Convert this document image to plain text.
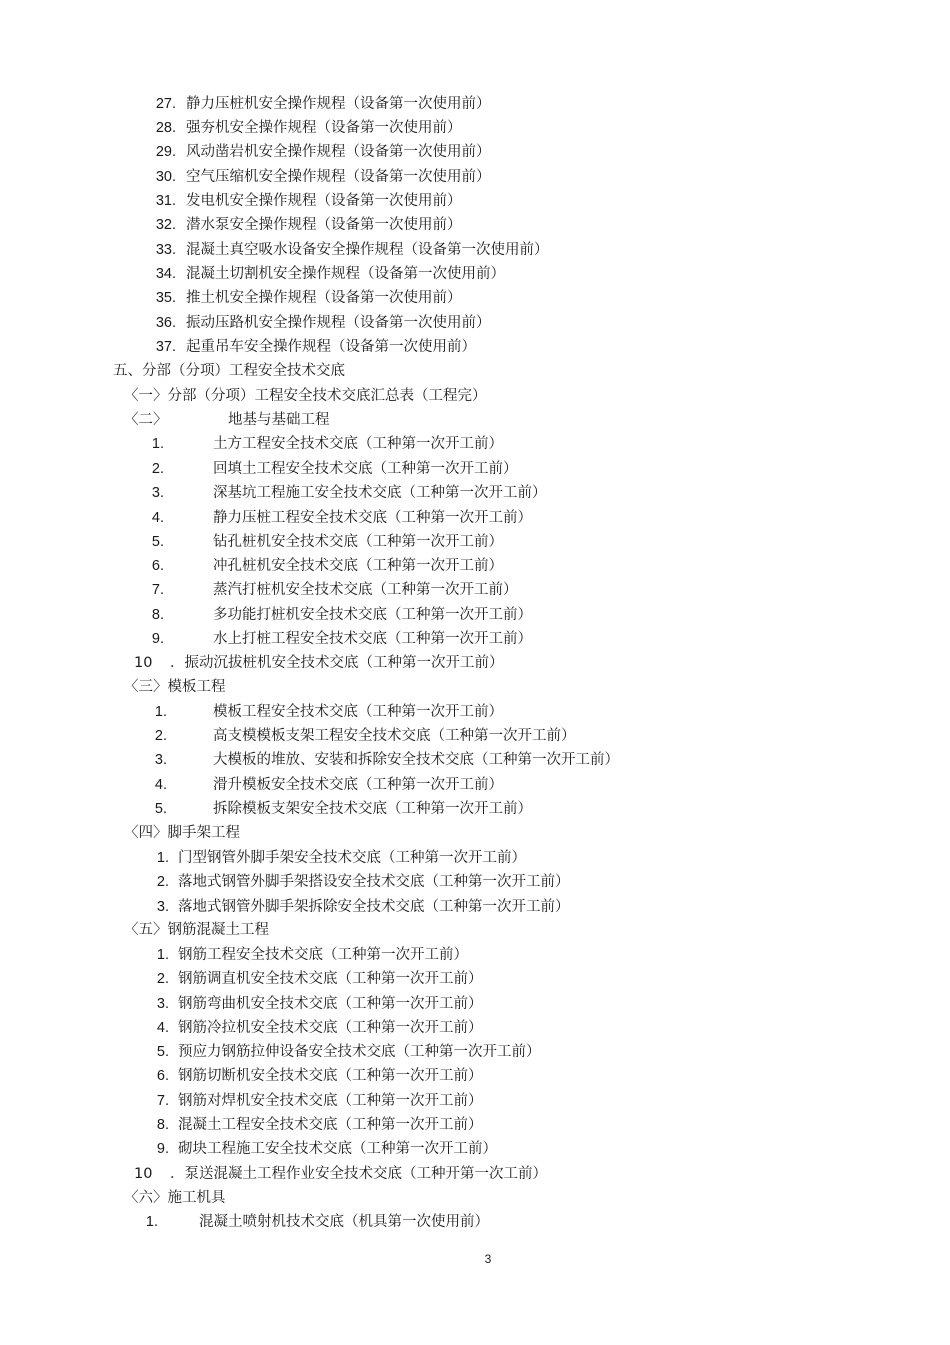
27. 静力压桩机安全操作规程（设备第一次使用前）
28. 强夯机安全操作规程（设备第一次使用前）
29. 风动凿岩机安全操作规程（设备第一次使用前）
30. 空气压缩机安全操作规程（设备第一次使用前）
31. 发电机安全操作规程（设备第一次使用前）
32. 潜水泵安全操作规程（设备第一次使用前）
33. 混凝土真空吸水设备安全操作规程（设备第一次使用前）
34. 混凝土切割机安全操作规程（设备第一次使用前）
35. 推土机安全操作规程（设备第一次使用前）
36. 振动压路机安全操作规程（设备第一次使用前）
37. 起重吊车安全操作规程（设备第一次使用前）
五、分部（分项）工程安全技术交底
〈一〉分部（分项）工程安全技术交底汇总表（工程完）
〈二〉	地基与基础工程
1.	土方工程安全技术交底（工种第一次开工前）
2.	回填土工程安全技术交底（工种第一次开工前）
3.	深基坑工程施工安全技术交底（工种第一次开工前）
4.	静力压桩工程安全技术交底（工种第一次开工前）
5.	钻孔桩机安全技术交底（工种第一次开工前）
6.	冲孔桩机安全技术交底（工种第一次开工前）
7.	蒸汽打桩机安全技术交底（工种第一次开工前）
8.	多功能打桩机安全技术交底（工种第一次开工前）
9.	水上打桩工程安全技术交底（工种第一次开工前）
10 ．振动沉拔桩机安全技术交底（工种第一次开工前）
〈三〉模板工程
1.	模板工程安全技术交底（工种第一次开工前）
2.	高支模模板支架工程安全技术交底（工种第一次开工前）
3.	大模板的堆放、安装和拆除安全技术交底（工种第一次开工前）
4.	滑升模板安全技术交底（工种第一次开工前）
5.	拆除模板支架安全技术交底（工种第一次开工前）
〈四〉脚手架工程
1. 门型钢管外脚手架安全技术交底（工种第一次开工前）
2. 落地式钢管外脚手架搭设安全技术交底（工种第一次开工前）
3. 落地式钢管外脚手架拆除安全技术交底（工种第一次开工前）
〈五〉钢筋混凝土工程
1. 钢筋工程安全技术交底（工种第一次开工前）
2. 钢筋调直机安全技术交底（工种第一次开工前）
3. 钢筋弯曲机安全技术交底（工种第一次开工前）
4. 钢筋冷拉机安全技术交底（工种第一次开工前）
5. 预应力钢筋拉伸设备安全技术交底（工种第一次开工前）
6. 钢筋切断机安全技术交底（工种第一次开工前）
7. 钢筋对焊机安全技术交底（工种第一次开工前）
8. 混凝土工程安全技术交底（工种第一次开工前）
9. 砌块工程施工安全技术交底（工种第一次开工前）
10 ．泵送混凝土工程作业安全技术交底（工种开第一次工前）
〈六〉施工机具
1.	混凝土喷射机技术交底（机具第一次使用前）
3
